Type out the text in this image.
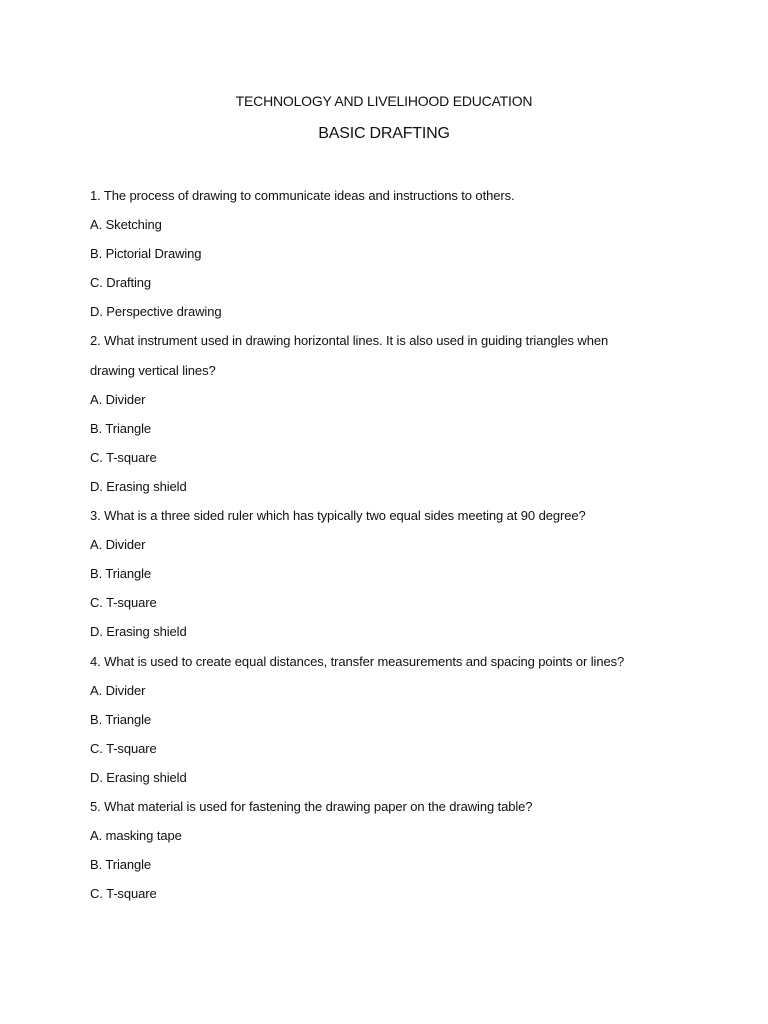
TECHNOLOGY AND LIVELIHOOD EDUCATION
BASIC DRAFTING
1. The process of drawing to communicate ideas and instructions to others.
A. Sketching
B. Pictorial Drawing
C. Drafting
D. Perspective drawing
2. What instrument used in drawing horizontal lines. It is also used in guiding triangles when
drawing vertical lines?
A. Divider
B. Triangle
C. T-square
D. Erasing shield
3. What is a three sided ruler which has typically two equal sides meeting at 90 degree?
A. Divider
B. Triangle
C. T-square
D. Erasing shield
4. What is used to create equal distances, transfer measurements and spacing points or lines?
A. Divider
B. Triangle
C. T-square
D. Erasing shield
5. What material is used for fastening the drawing paper on the drawing table?
A. masking tape
B. Triangle
C. T-square
